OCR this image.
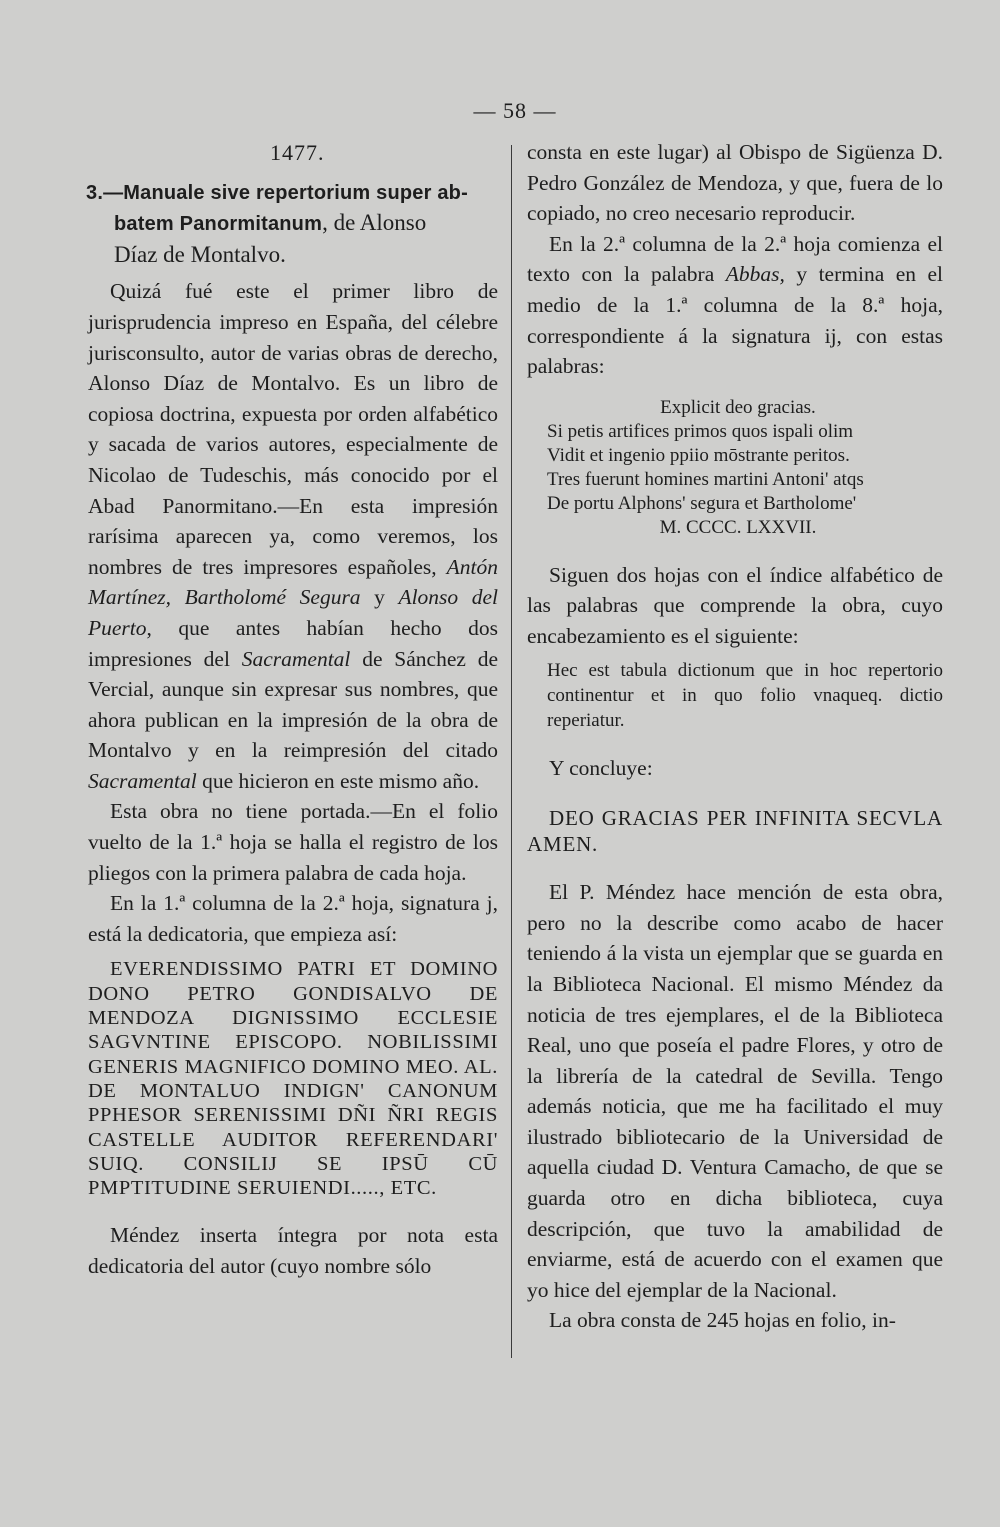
— 58 —
1477.
3.—Manuale sive repertorium super ab-
batem Panormitanum, de Alonso
Díaz de Montalvo.

Quizá fué este el primer libro de jurisprudencia impreso en España, del célebre jurisconsulto, autor de varias obras de derecho, Alonso Díaz de Montalvo. Es un libro de copiosa doctrina, expuesta por orden alfabético y sacada de varios autores, especialmente de Nicolao de Tudeschis, más conocido por el Abad Panormitano.—En esta impresión rarísima aparecen ya, como veremos, los nombres de tres impresores españoles, Antón Martínez, Bartholomé Segura y Alonso del Puerto, que antes habían hecho dos impresiones del Sacramental de Sánchez de Vercial, aunque sin expresar sus nombres, que ahora publican en la impresión de la obra de Montalvo y en la reimpresión del citado Sacramental que hicieron en este mismo año.

Esta obra no tiene portada.—En el folio vuelto de la 1.ª hoja se halla el registro de los pliegos con la primera palabra de cada hoja.

En la 1.ª columna de la 2.ª hoja, signatura j, está la dedicatoria, que empieza así:

EVERENDISSIMO PATRI ET DOMINO DONO PETRO GONDISALVO DE MENDOZA DIGNISSIMO ECCLESIE SAGVNTINE EPISCOPO. NOBILISSIMI GENERIS MAGNIFICO DOMINO MEO. AL. DE MONTALUO INDIGN' CANONUM PPHESOR SERENISSIMI DÑI ÑRI REGIS CASTELLE AUDITOR REFERENDARI' SUIQ. CONSILIJ SE IPSŪ CŪ PMPTITUDINE SERUIENDI....., ETC.

Méndez inserta íntegra por nota esta dedicatoria del autor (cuyo nombre sólo

consta en este lugar) al Obispo de Sigüenza D. Pedro González de Mendoza, y que, fuera de lo copiado, no creo necesario reproducir.

En la 2.ª columna de la 2.ª hoja comienza el texto con la palabra Abbas, y termina en el medio de la 1.ª columna de la 8.ª hoja, correspondiente á la signatura ij, con estas palabras:

Explicit deo gracias.
Si petis artifices primos quos ispali olim
Vidit et ingenio ppiio mōstrante peritos.
Tres fuerunt homines martini Antoni' atqs
De portu Alphons' segura et Bartholome'
M. CCCC. LXXVII.

Siguen dos hojas con el índice alfabético de las palabras que comprende la obra, cuyo encabezamiento es el siguiente:

Hec est tabula dictionum que in hoc repertorio continentur et in quo folio vnaqueq. dictio reperiatur.

Y concluye:

DEO GRACIAS PER INFINITA SECVLA AMEN.

El P. Méndez hace mención de esta obra, pero no la describe como acabo de hacer teniendo á la vista un ejemplar que se guarda en la Biblioteca Nacional. El mismo Méndez da noticia de tres ejemplares, el de la Biblioteca Real, uno que poseía el padre Flores, y otro de la librería de la catedral de Sevilla. Tengo además noticia, que me ha facilitado el muy ilustrado bibliotecario de la Universidad de aquella ciudad D. Ventura Camacho, de que se guarda otro en dicha biblioteca, cuya descripción, que tuvo la amabilidad de enviarme, está de acuerdo con el examen que yo hice del ejemplar de la Nacional.

La obra consta de 245 hojas en folio, in-
